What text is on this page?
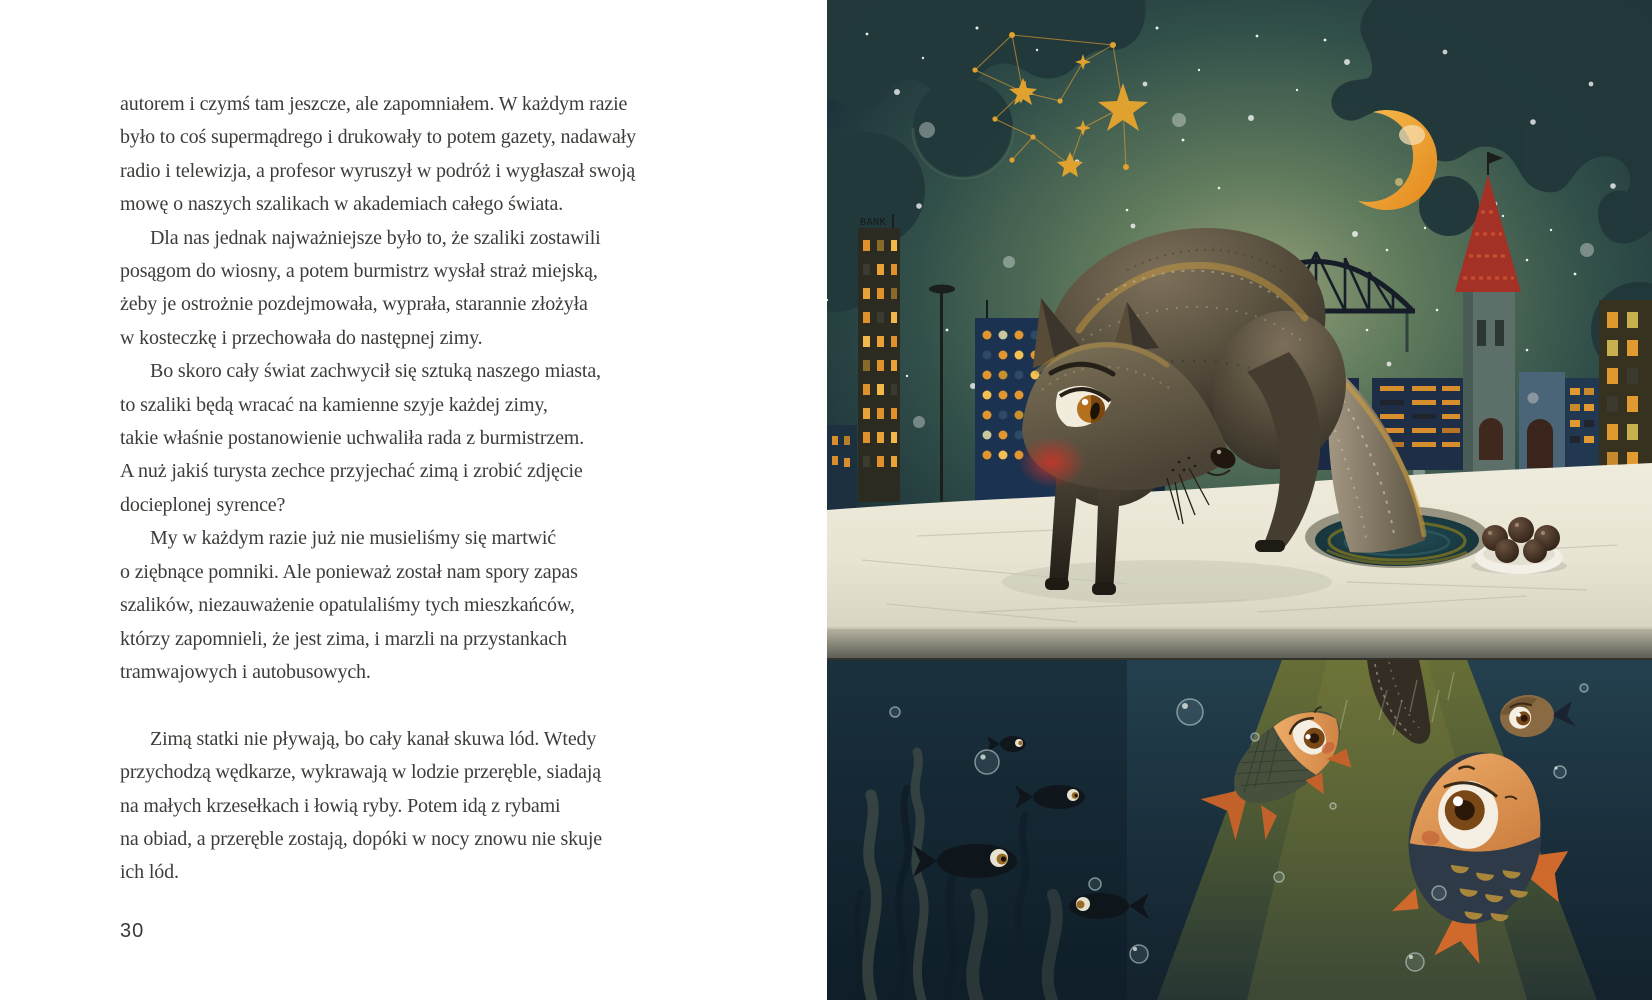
autorem i czymś tam jeszcze, ale zapomniałem. W każdym razie
było to coś supermądrego i drukowały to potem gazety, nadawały
radio i telewizja, a profesor wyruszył w podróż i wygłaszał swoją
mowę o naszych szalikach w akademiach całego świata.
Dla nas jednak najważniejsze było to, że szaliki zostawili
posągom do wiosny, a potem burmistrz wysłał straż miejską,
żeby je ostrożnie pozdejmowała, wyprała, starannie złożyła
w kosteczkę i przechowała do następnej zimy.
Bo skoro cały świat zachwycił się sztuką naszego miasta,
to szaliki będą wracać na kamienne szyje każdej zimy,
takie właśnie postanowienie uchwaliła rada z burmistrzem.
A nuż jakiś turysta zechce przyjechać zimą i zrobić zdjęcie
docieplonej syrence?
My w każdym razie już nie musieliśmy się martwić
o ziębnące pomniki. Ale ponieważ został nam spory zapas
szalików, niezauważenie opatulaliśmy tych mieszkańców,
którzy zapomnieli, że jest zima, i marzli na przystankach
tramwajowych i autobusowych.
Zimą statki nie pływają, bo cały kanał skuwa lód. Wtedy
przychodzą wędkarze, wykrawają w lodzie przeręble, siadają
na małych krzesełkach i łowią ryby. Potem idą z rybami
na obiad, a przeręble zostają, dopóki w nocy znowu nie skuje
ich lód.
30
BANK
